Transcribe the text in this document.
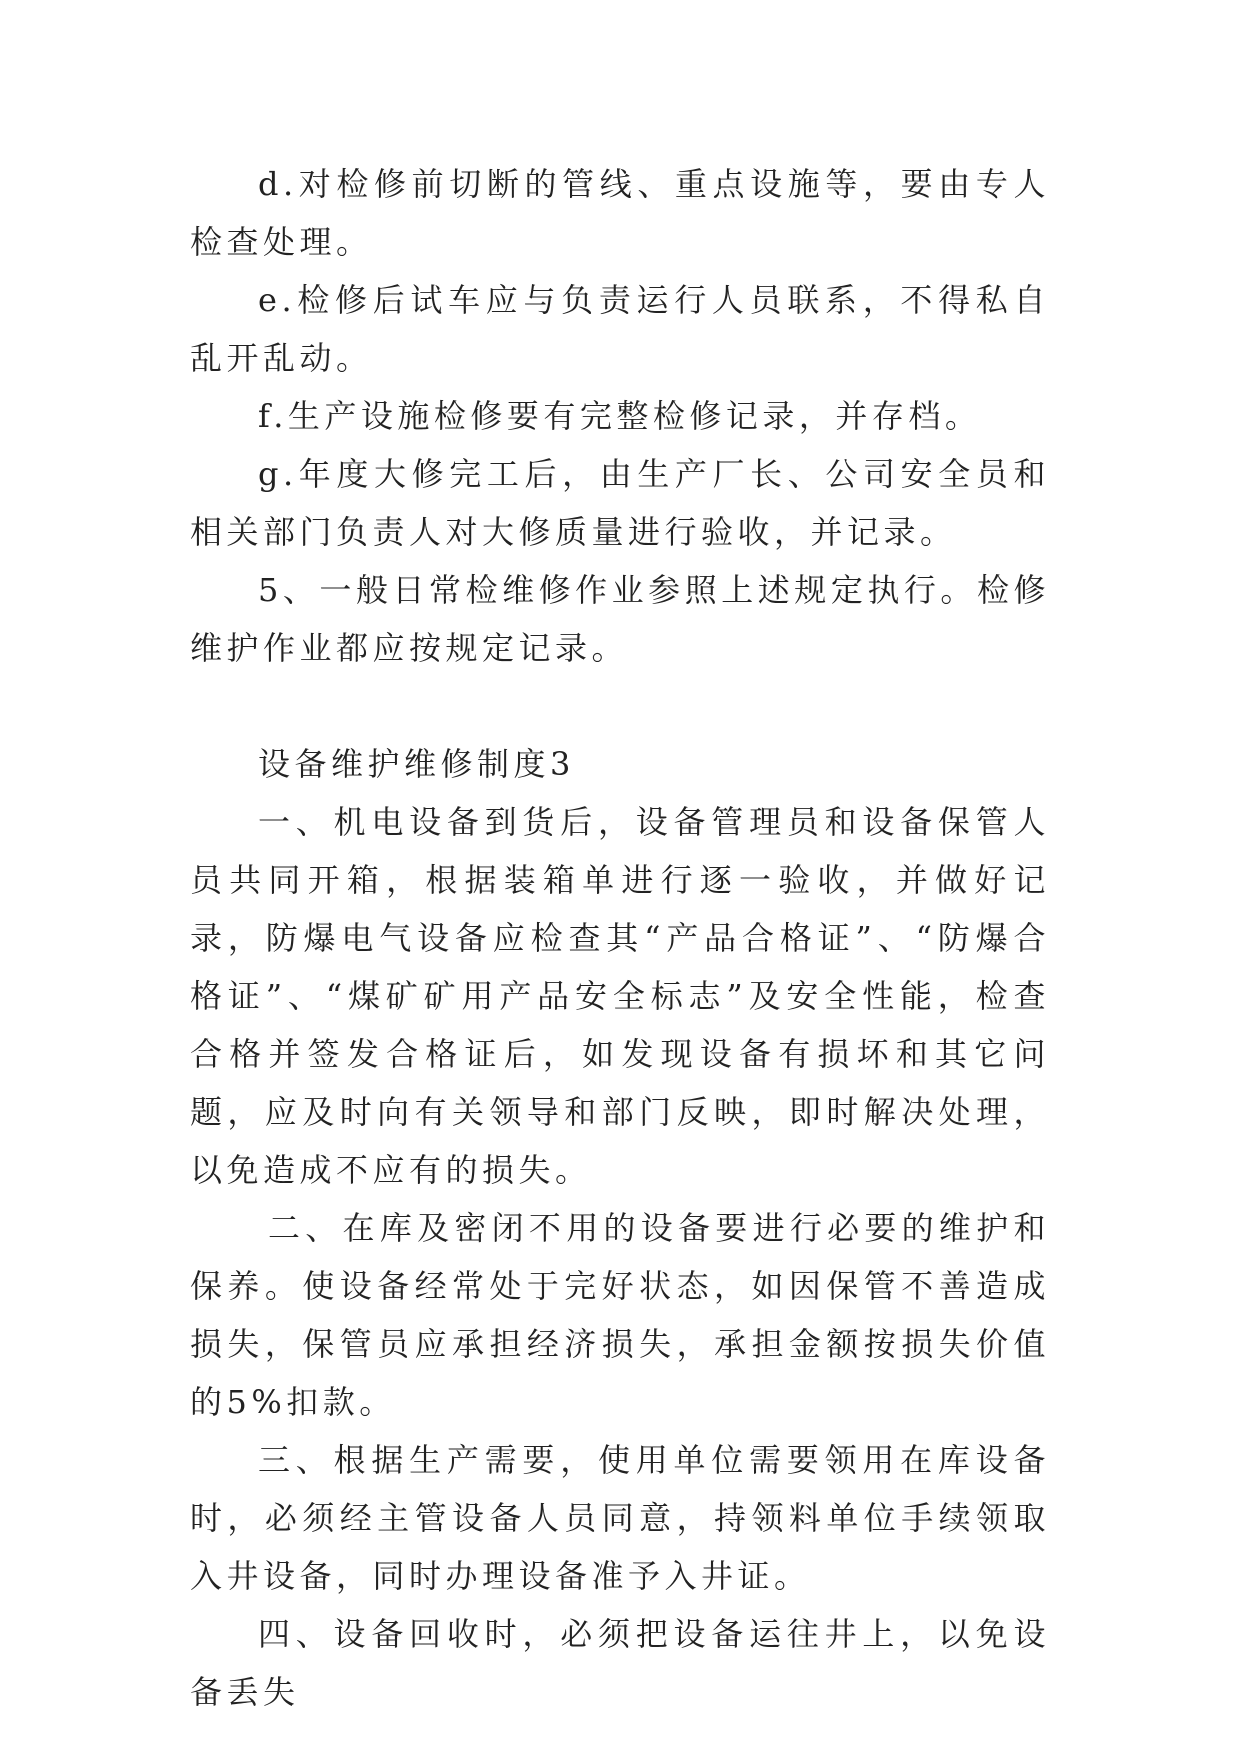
d.对检修前切断的管线、重点设施等，要由专人检查处理。

e.检修后试车应与负责运行人员联系，不得私自乱开乱动。

f.生产设施检修要有完整检修记录，并存档。

g.年度大修完工后，由生产厂长、公司安全员和相关部门负责人对大修质量进行验收，并记录。

5、一般日常检维修作业参照上述规定执行。检修维护作业都应按规定记录。

设备维护维修制度3

一、机电设备到货后，设备管理员和设备保管人员共同开箱，根据装箱单进行逐一验收，并做好记录，防爆电气设备应检查其“产品合格证”、“防爆合格证”、“煤矿矿用产品安全标志”及安全性能，检查合格并签发合格证后，如发现设备有损坏和其它问题，应及时向有关领导和部门反映，即时解决处理，以免造成不应有的损失。

二、在库及密闭不用的设备要进行必要的维护和保养。使设备经常处于完好状态，如因保管不善造成损失，保管员应承担经济损失，承担金额按损失价值的5%扣款。

三、根据生产需要，使用单位需要领用在库设备时，必须经主管设备人员同意，持领料单位手续领取入井设备，同时办理设备准予入井证。

四、设备回收时，必须把设备运往井上，以免设备丢失
